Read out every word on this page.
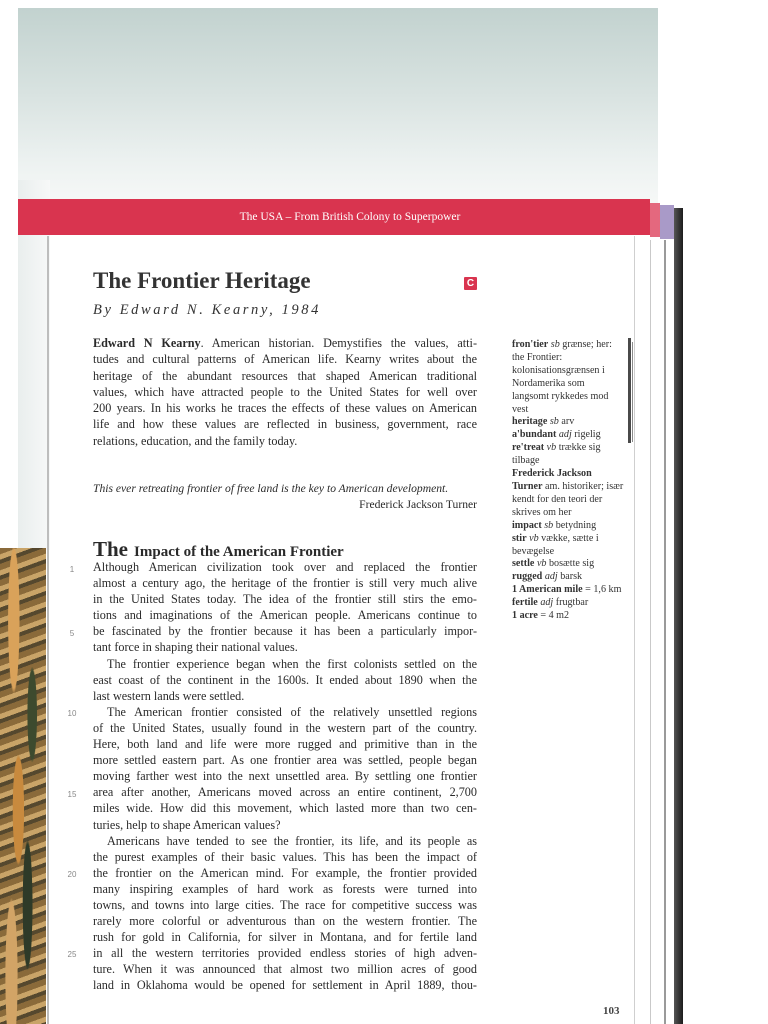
The USA – From British Colony to Superpower
The Frontier Heritage	C

By Edward N. Kearny, 1984

Edward N Kearny. American historian. Demystifies the values, atti-
tudes and cultural patterns of American life. Kearny writes about the
heritage of the abundant resources that shaped American traditional
values, which have attracted people to the United States for well over
200 years. In his works he traces the effects of these values on American
life and how these values are reflected in business, government, race
relations, education, and the family today.
This ever retreating frontier of free land is the key to American development.
Frederick Jackson Turner
The Impact of the American Frontier

Although American civilization took over and replaced the frontier
almost a century ago, the heritage of the frontier is still very much alive
in the United States today. The idea of the frontier still stirs the emo-
tions and imaginations of the American people. Americans continue to
be fascinated by the frontier because it has been a particularly impor-
tant force in shaping their national values.

The frontier experience began when the first colonists settled on the
east coast of the continent in the 1600s. It ended about 1890 when the
last western lands were settled.

The American frontier consisted of the relatively unsettled regions
of the United States, usually found in the western part of the country.
Here, both land and life were more rugged and primitive than in the
more settled eastern part. As one frontier area was settled, people began
moving farther west into the next unsettled area. By settling one frontier
area after another, Americans moved across an entire continent, 2,700
miles wide. How did this movement, which lasted more than two cen-
turies, help to shape American values?

Americans have tended to see the frontier, its life, and its people as
the purest examples of their basic values. This has been the impact of
the frontier on the American mind. For example, the frontier provided
many inspiring examples of hard work as forests were turned into
towns, and towns into large cities. The race for competitive success was
rarely more colorful or adventurous than on the western frontier. The
rush for gold in California, for silver in Montana, and for fertile land
in all the western territories provided endless stories of high adven-
ture. When it was announced that almost two million acres of good
land in Oklahoma would be opened for settlement in April 1889, thou-

1
5
10
15
20
25
fron'tier sb grænse; her: the Frontier: kolonisationsgrænsen i Nordamerika som langsomt rykkedes mod vest
heritage sb arv
a'bundant adj rigelig
re'treat vb trække sig tilbage
Frederick Jackson Turner am. historiker; især kendt for den teori der skrives om her
impact sb betydning
stir vb vække, sætte i bevægelse
settle vb bosætte sig
rugged adj barsk
1 American mile = 1,6 km
fertile adj frugtbar
1 acre = 4 m2
103
